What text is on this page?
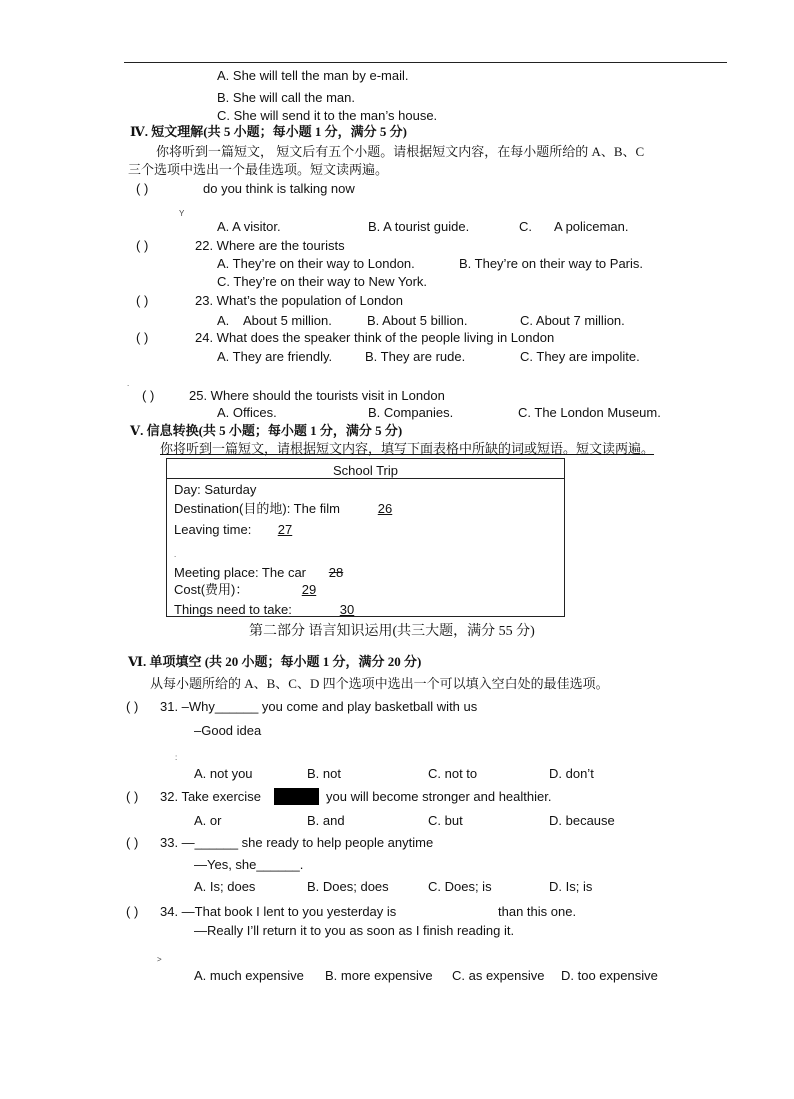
A. She will tell the man by e-mail.
B. She will call the man.
C. She will send it to the man’s house.
Ⅳ. 短文理解(共 5 小题；每小题 1 分，满分 5 分)
你将听到一篇短文， 短文后有五个小题。请根据短文内容，在每小题所给的 A、B、C
三个选项中选出一个最佳选项。短文读两遍。
( )	do you think is talking now
Y
A. A visitor.	B. A tourist guide.	C. A policeman.
( )	22. Where are the tourists
A. They’re on their way to London.	B. They’re on their way to Paris.
C. They’re on their way to New York.
( )	23. What’s the population of London
A. About 5 million.	B. About 5 billion.	C. About 7 million.
( )	24. What does the speaker think of the people living in London
A. They are friendly.	B. They are rude.	C. They are impolite.
.
( )	25. Where should the tourists visit in London
A. Offices.	B. Companies.	C. The London Museum.
Ⅴ. 信息转换(共 5 小题；每小题 1 分，满分 5 分)
你将听到一篇短文，请根据短文内容，填写下面表格中所缺的词或短语。短文读两遍。
School Trip
Day: Saturday
Destination(目的地): The film	26
Leaving time:	27
.
Meeting place: The car	28
Cost(费用)：	29
Things need to take:	30
第二部分 语言知识运用(共三大题，满分 55 分)
Ⅵ. 单项填空 (共 20 小题；每小题 1 分，满分 20 分)
从每小题所给的 A、B、C、D 四个选项中选出一个可以填入空白处的最佳选项。
( ) 31. –Why______ you come and play basketball with us
–Good idea
:
A. not you	B. not	C. not to	D. don’t
( ) 32. Take exercise	you will become stronger and healthier.
A. or	B. and	C. but	D. because
( ) 33. —______ she ready to help people anytime
—Yes, she______.
A. Is; does	B. Does; does	C. Does; is	D. Is; is
( ) 34. —That book I lent to you yesterday is	than this one.
—Really I’ll return it to you as soon as I finish reading it.
>
A. much expensive B. more expensive C. as expensive D. too expensive
